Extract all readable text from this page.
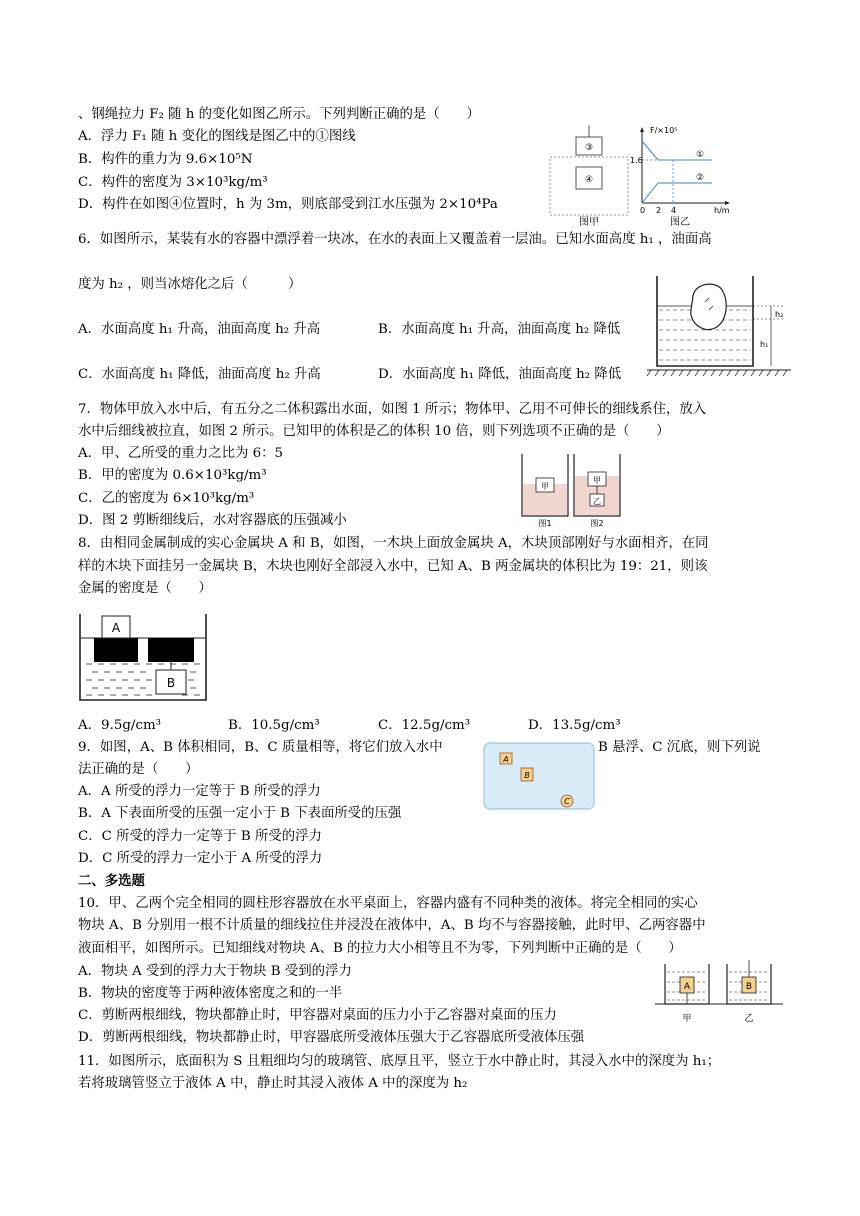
、钢绳拉力 F₂ 随 h 的变化如图乙所示。下列判断正确的是（　　）
A．浮力 F₁ 随 h 变化的图线是图乙中的①图线
B．构件的重力为 9.6×10⁵N
C．构件的密度为 3×10³kg/m³
D．构件在如图④位置时，h 为 3m，则底部受到江水压强为 2×10⁴Pa
③
④
图甲
F/×10⁵
1.6
①
②
0 2 4	h/m
图乙
6．如图所示，某装有水的容器中漂浮着一块冰，在水的表面上又覆盖着一层油。已知水面高度 h₁ ，油面高
度为 h₂ ，则当冰熔化之后（　　　）
A．水面高度 h₁ 升高，油面高度 h₂ 升高	B．水面高度 h₁ 升高，油面高度 h₂ 降低
C．水面高度 h₁ 降低，油面高度 h₂ 升高	D．水面高度 h₁ 降低，油面高度 h₂ 降低
h₂
h₁
7．物体甲放入水中后，有五分之二体积露出水面，如图 1 所示；物体甲、乙用不可伸长的细线系住，放入
水中后细线被拉直，如图 2 所示。已知甲的体积是乙的体积 10 倍，则下列选项不正确的是（　　）
A．甲、乙所受的重力之比为 6：5
B．甲的密度为 0.6×10³kg/m³
C．乙的密度为 6×10³kg/m³
D．图 2 剪断细线后，水对容器底的压强减小
甲
甲
乙
图1	图2
8．由相同金属制成的实心金属块 A 和 B，如图，一木块上面放金属块 A，木块顶部刚好与水面相齐，在同
样的木块下面挂另一金属块 B，木块也刚好全部浸入水中，已知 A、B 两金属块的体积比为 19：21，则该
金属的密度是（　　）
A
B
A．9.5g/cm³	B．10.5g/cm³	C．12.5g/cm³	D．13.5g/cm³
9．如图，A、B 体积相同，B、C 质量相等，将它们放入水中	B 悬浮、C 沉底，则下列说
法正确的是（　　）
A．A 所受的浮力一定等于 B 所受的浮力
B．A 下表面所受的压强一定小于 B 下表面所受的压强
C．C 所受的浮力一定等于 B 所受的浮力
D．C 所受的浮力一定小于 A 所受的浮力
A
B
C
二、多选题
10．甲、乙两个完全相同的圆柱形容器放在水平桌面上，容器内盛有不同种类的液体。将完全相同的实心
物块 A、B 分别用一根不计质量的细线拉住并浸没在液体中，A、B 均不与容器接触，此时甲、乙两容器中
液面相平，如图所示。已知细线对物块 A、B 的拉力大小相等且不为零，下列判断中正确的是（　　）
A．物块 A 受到的浮力大于物块 B 受到的浮力
B．物块的密度等于两种液体密度之和的一半
C．剪断两根细线，物块都静止时，甲容器对桌面的压力小于乙容器对桌面的压力
D．剪断两根细线，物块都静止时，甲容器底所受液体压强大于乙容器底所受液体压强
A	B
甲	乙
11．如图所示，底面积为 S 且粗细均匀的玻璃管、底厚且平，竖立于水中静止时，其浸入水中的深度为 h₁；
若将玻璃管竖立于液体 A 中，静止时其浸入液体 A 中的深度为 h₂
